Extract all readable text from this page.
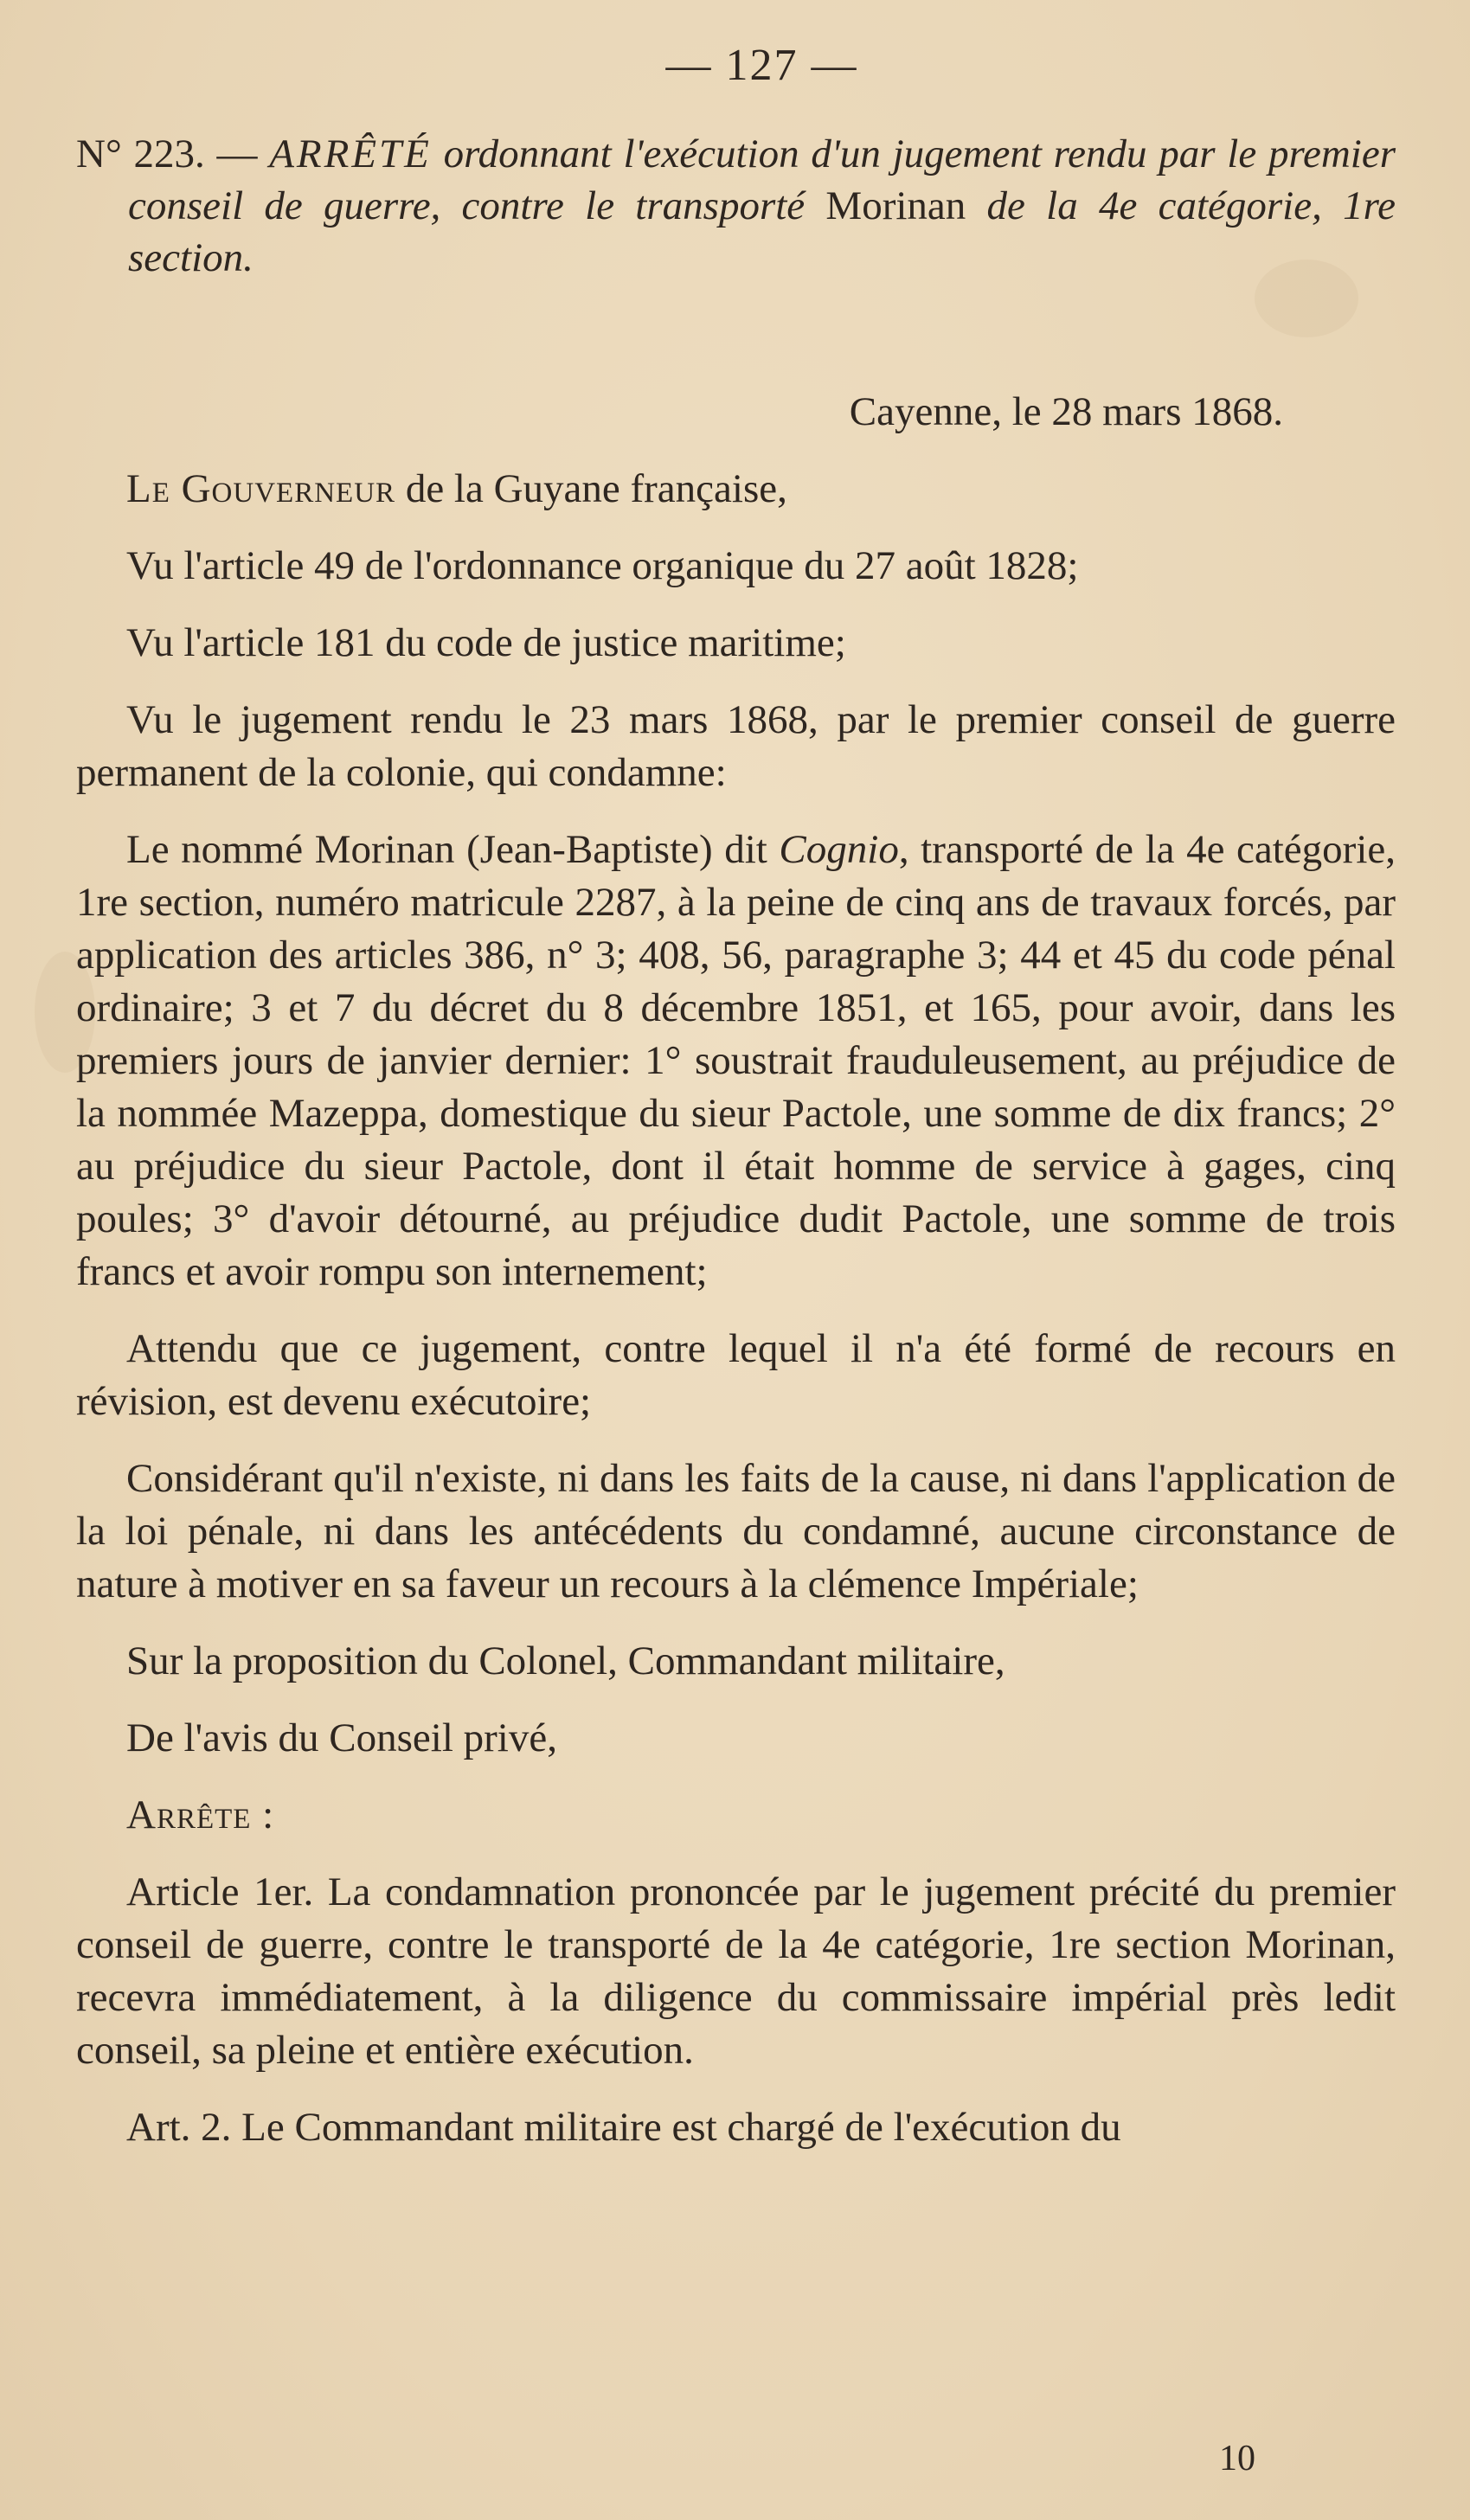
— 127 —
N° 223. — ARRÊTÉ ordonnant l'exécution d'un jugement rendu par le premier conseil de guerre, contre le transporté Morinan de la 4e catégorie, 1re section.
Cayenne, le 28 mars 1868.

Le Gouverneur de la Guyane française,

Vu l'article 49 de l'ordonnance organique du 27 août 1828;

Vu l'article 181 du code de justice maritime;

Vu le jugement rendu le 23 mars 1868, par le premier conseil de guerre permanent de la colonie, qui condamne:

Le nommé Morinan (Jean-Baptiste) dit Cognio, transporté de la 4e catégorie, 1re section, numéro matricule 2287, à la peine de cinq ans de travaux forcés, par application des articles 386, n° 3; 408, 56, paragraphe 3; 44 et 45 du code pénal ordinaire; 3 et 7 du décret du 8 décembre 1851, et 165, pour avoir, dans les premiers jours de janvier dernier: 1° soustrait frauduleusement, au préjudice de la nommée Mazeppa, domestique du sieur Pactole, une somme de dix francs; 2° au préjudice du sieur Pactole, dont il était homme de service à gages, cinq poules; 3° d'avoir détourné, au préjudice dudit Pactole, une somme de trois francs et avoir rompu son internement;

Attendu que ce jugement, contre lequel il n'a été formé de recours en révision, est devenu exécutoire;

Considérant qu'il n'existe, ni dans les faits de la cause, ni dans l'application de la loi pénale, ni dans les antécédents du condamné, aucune circonstance de nature à motiver en sa faveur un recours à la clémence Impériale;

Sur la proposition du Colonel, Commandant militaire,

De l'avis du Conseil privé,

Arrête :

Article 1er. La condamnation prononcée par le jugement précité du premier conseil de guerre, contre le transporté de la 4e catégorie, 1re section Morinan, recevra immédiatement, à la diligence du commissaire impérial près ledit conseil, sa pleine et entière exécution.

Art. 2. Le Commandant militaire est chargé de l'exécution du

10
